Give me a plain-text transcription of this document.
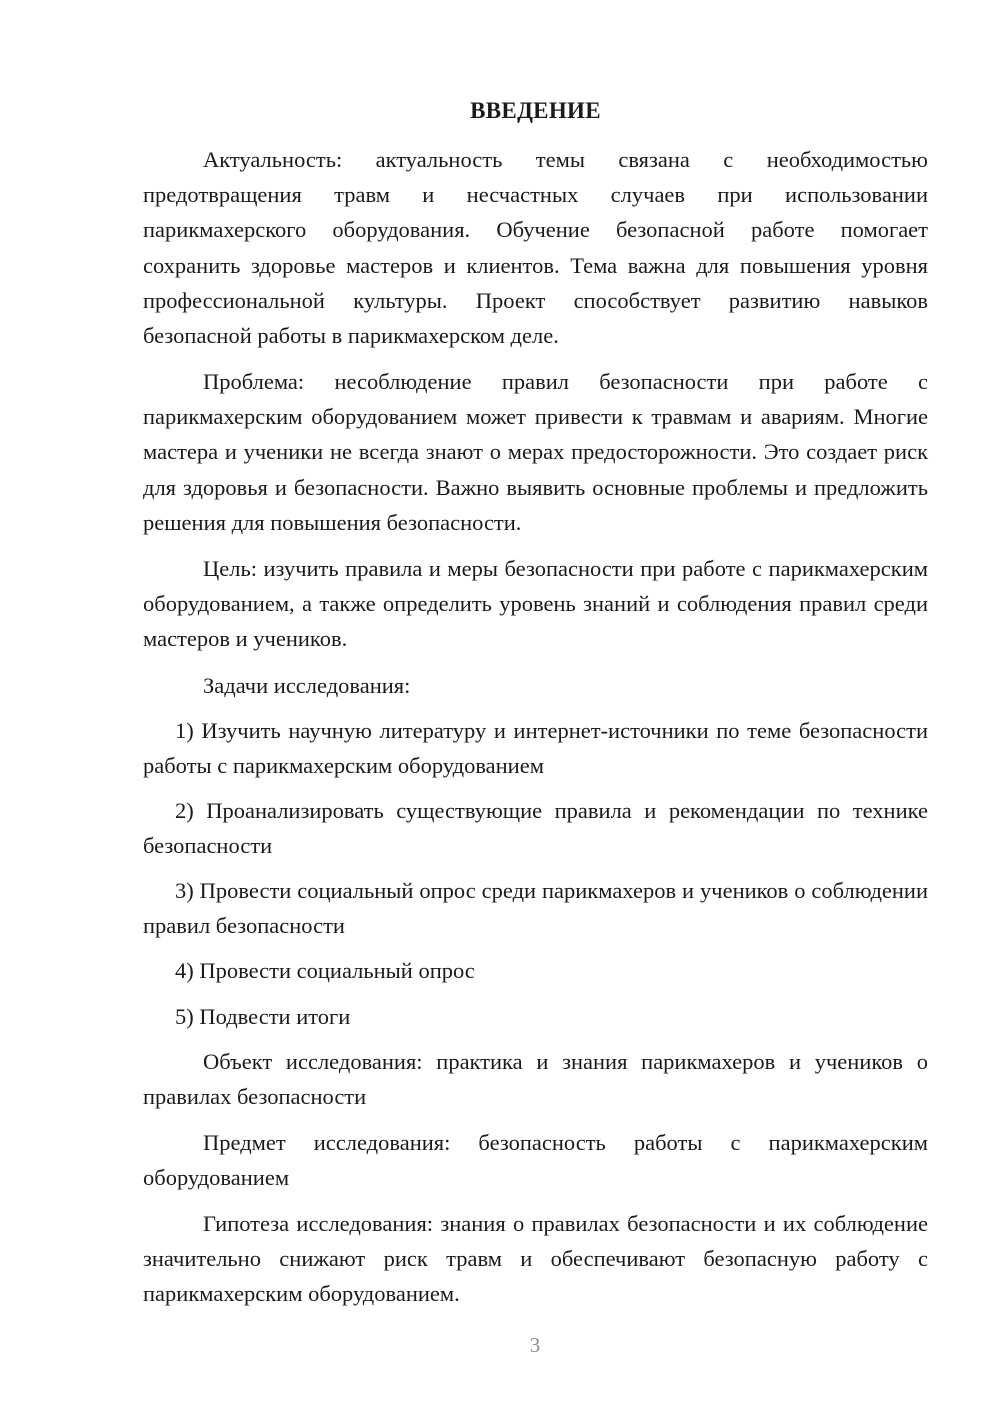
ВВЕДЕНИЕ

Актуальность: актуальность темы связана с необходимостью предотвращения травм и несчастных случаев при использовании парикмахерского оборудования. Обучение безопасной работе помогает сохранить здоровье мастеров и клиентов. Тема важна для повышения уровня профессиональной культуры. Проект способствует развитию навыков безопасной работы в парикмахерском деле.

Проблема: несоблюдение правил безопасности при работе с парикмахерским оборудованием может привести к травмам и авариям. Многие мастера и ученики не всегда знают о мерах предосторожности. Это создает риск для здоровья и безопасности. Важно выявить основные проблемы и предложить решения для повышения безопасности.

Цель: изучить правила и меры безопасности при работе с парикмахерским оборудованием, а также определить уровень знаний и соблюдения правил среди мастеров и учеников.

Задачи исследования:

1) Изучить научную литературу и интернет-источники по теме безопасности работы с парикмахерским оборудованием

2) Проанализировать существующие правила и рекомендации по технике безопасности

3) Провести социальный опрос среди парикмахеров и учеников о соблюдении правил безопасности

4) Провести социальный опрос

5) Подвести итоги

Объект исследования: практика и знания парикмахеров и учеников о правилах безопасности

Предмет исследования: безопасность работы с парикмахерским оборудованием

Гипотеза исследования: знания о правилах безопасности и их соблюдение значительно снижают риск травм и обеспечивают безопасную работу с парикмахерским оборудованием.

3
